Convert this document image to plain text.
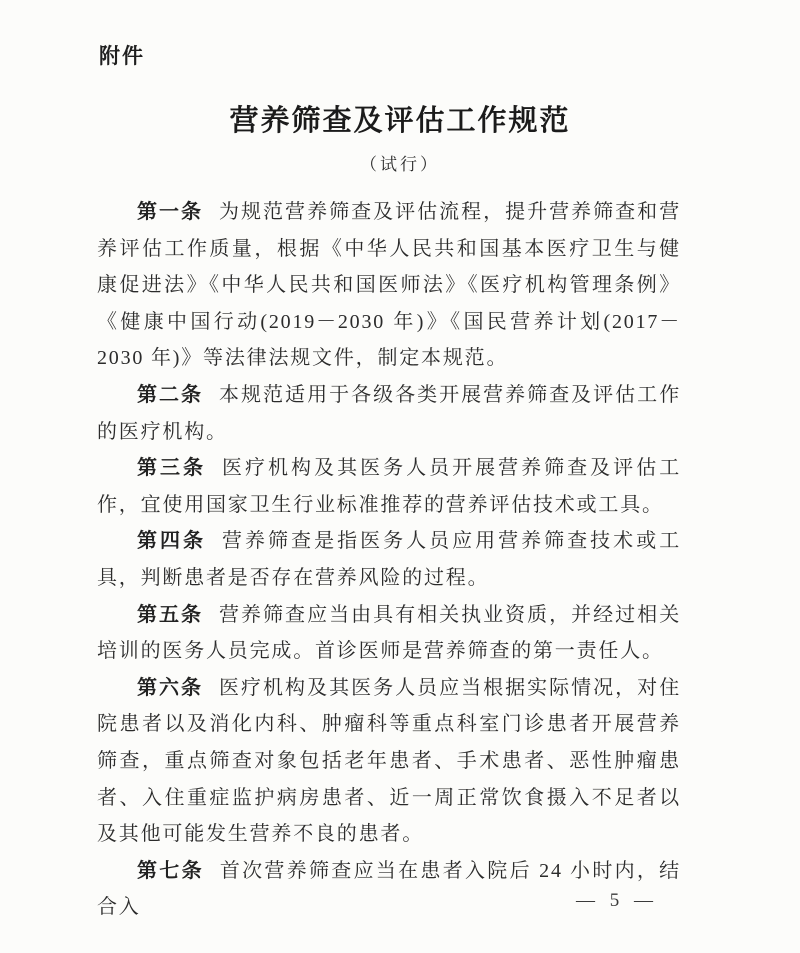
附件
营养筛查及评估工作规范
（试行）

第一条 为规范营养筛查及评估流程，提升营养筛查和营养评估工作质量，根据《中华人民共和国基本医疗卫生与健康促进法》《中华人民共和国医师法》《医疗机构管理条例》《健康中国行动(2019－2030 年)》《国民营养计划(2017－2030 年)》等法律法规文件，制定本规范。

第二条 本规范适用于各级各类开展营养筛查及评估工作的医疗机构。

第三条 医疗机构及其医务人员开展营养筛查及评估工作，宜使用国家卫生行业标准推荐的营养评估技术或工具。

第四条 营养筛查是指医务人员应用营养筛查技术或工具，判断患者是否存在营养风险的过程。

第五条 营养筛查应当由具有相关执业资质，并经过相关培训的医务人员完成。首诊医师是营养筛查的第一责任人。

第六条 医疗机构及其医务人员应当根据实际情况，对住院患者以及消化内科、肿瘤科等重点科室门诊患者开展营养筛查，重点筛查对象包括老年患者、手术患者、恶性肿瘤患者、入住重症监护病房患者、近一周正常饮食摄入不足者以及其他可能发生营养不良的患者。

第七条 首次营养筛查应当在患者入院后 24 小时内，结合入	— 5 —
